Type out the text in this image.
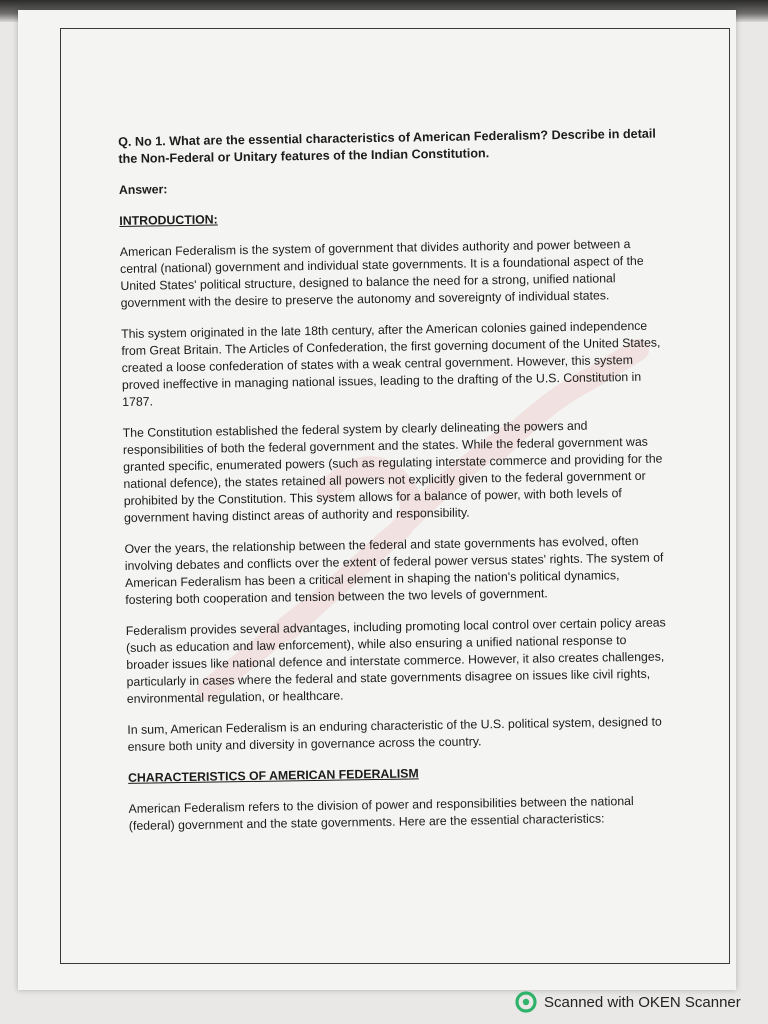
Q. No 1. What are the essential characteristics of American Federalism? Describe in detail the Non-Federal or Unitary features of the Indian Constitution.
Answer:
INTRODUCTION:
American Federalism is the system of government that divides authority and power between a central (national) government and individual state governments. It is a foundational aspect of the United States' political structure, designed to balance the need for a strong, unified national government with the desire to preserve the autonomy and sovereignty of individual states.
This system originated in the late 18th century, after the American colonies gained independence from Great Britain. The Articles of Confederation, the first governing document of the United States, created a loose confederation of states with a weak central government. However, this system proved ineffective in managing national issues, leading to the drafting of the U.S. Constitution in 1787.
The Constitution established the federal system by clearly delineating the powers and responsibilities of both the federal government and the states. While the federal government was granted specific, enumerated powers (such as regulating interstate commerce and providing for the national defence), the states retained all powers not explicitly given to the federal government or prohibited by the Constitution. This system allows for a balance of power, with both levels of government having distinct areas of authority and responsibility.
Over the years, the relationship between the federal and state governments has evolved, often involving debates and conflicts over the extent of federal power versus states' rights. The system of American Federalism has been a critical element in shaping the nation's political dynamics, fostering both cooperation and tension between the two levels of government.
Federalism provides several advantages, including promoting local control over certain policy areas (such as education and law enforcement), while also ensuring a unified national response to broader issues like national defence and interstate commerce. However, it also creates challenges, particularly in cases where the federal and state governments disagree on issues like civil rights, environmental regulation, or healthcare.
In sum, American Federalism is an enduring characteristic of the U.S. political system, designed to ensure both unity and diversity in governance across the country.
CHARACTERISTICS OF AMERICAN FEDERALISM
American Federalism refers to the division of power and responsibilities between the national (federal) government and the state governments. Here are the essential characteristics:
Scanned with OKEN Scanner
